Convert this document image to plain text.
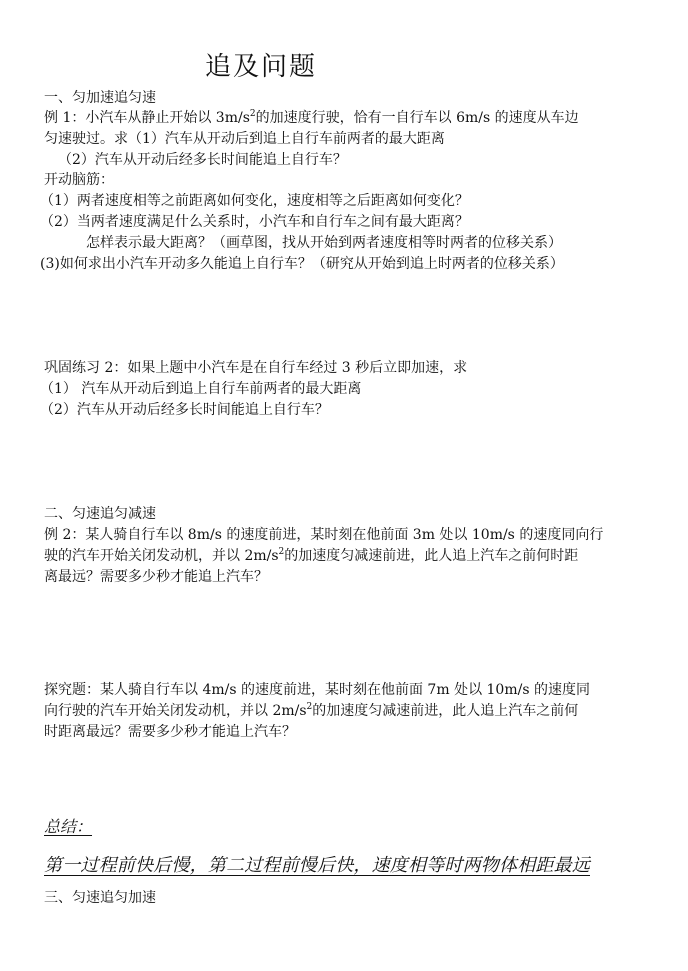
追及问题
一、匀加速追匀速
例 1：小汽车从静止开始以 $3m/s^2$的加速度行驶，恰有一自行车以 6m/s 的速度从车边
匀速驶过。求（1）汽车从开动后到追上自行车前两者的最大距离
（2）汽车从开动后经多长时间能追上自行车？
开动脑筋：
（1）两者速度相等之前距离如何变化，速度相等之后距离如何变化？
（2）当两者速度满足什么关系时，小汽车和自行车之间有最大距离？
怎样表示最大距离？（画草图，找从开始到两者速度相等时两者的位移关系）
(3)如何求出小汽车开动多久能追上自行车？（研究从开始到追上时两者的位移关系）
巩固练习 2：如果上题中小汽车是在自行车经过 3 秒后立即加速，求
（1） 汽车从开动后到追上自行车前两者的最大距离
（2）汽车从开动后经多长时间能追上自行车？
二、匀速追匀减速
例 2：某人骑自行车以 8m/s 的速度前进，某时刻在他前面 3m 处以 10m/s 的速度同向行
驶的汽车开始关闭发动机，并以 $2m/s^2$的加速度匀减速前进，此人追上汽车之前何时距
离最远？需要多少秒才能追上汽车？
探究题：某人骑自行车以 4m/s 的速度前进，某时刻在他前面 7m 处以 10m/s 的速度同
向行驶的汽车开始关闭发动机，并以 $2m/s^2$的加速度匀减速前进，此人追上汽车之前何
时距离最远？需要多少秒才能追上汽车？
总结：
第一过程前快后慢，第二过程前慢后快，速度相等时两物体相距最远
三、匀速追匀加速
